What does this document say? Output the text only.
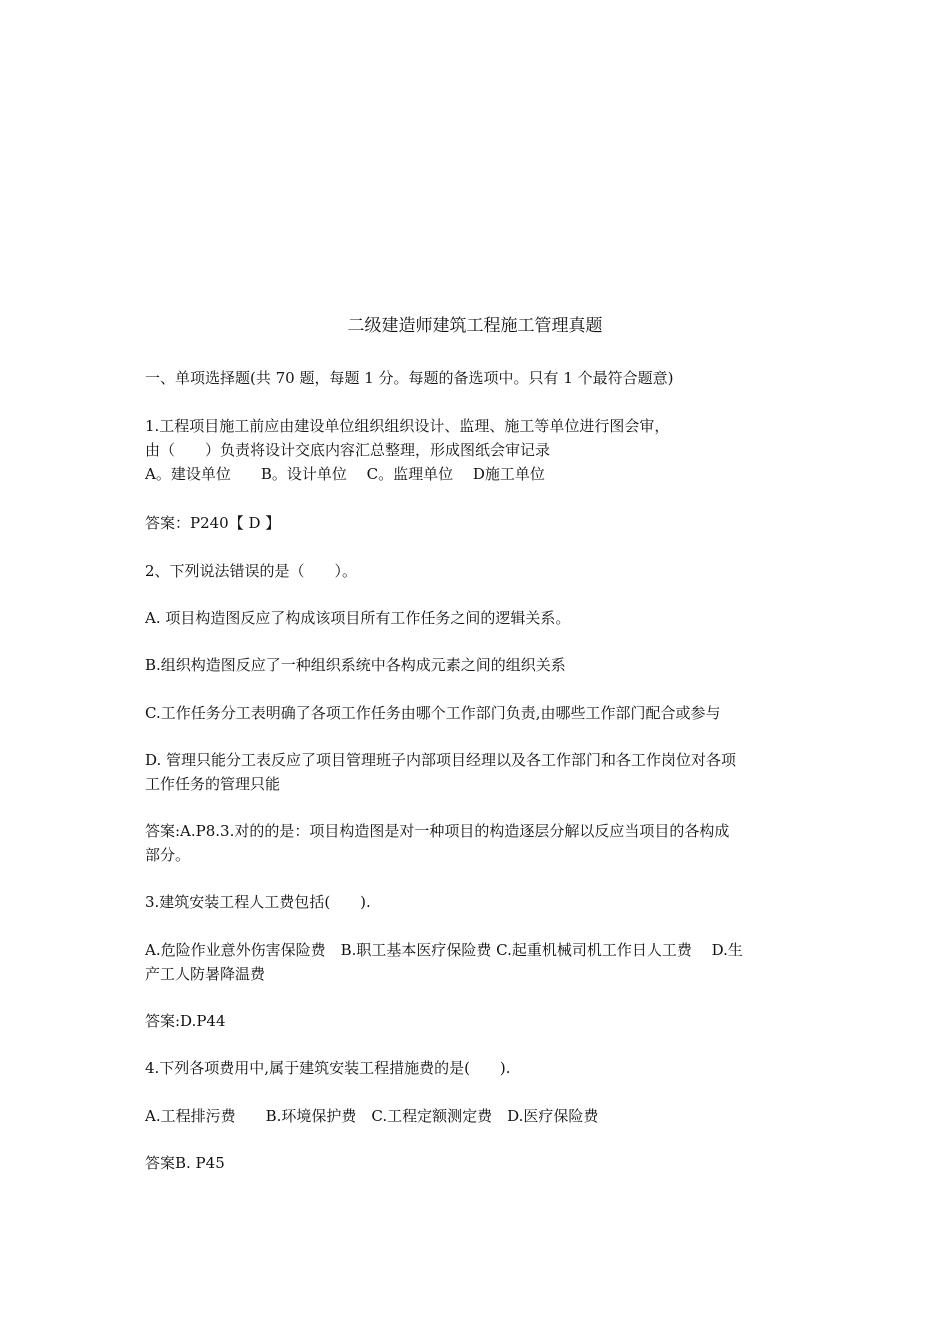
二级建造师建筑工程施工管理真题

一、单项选择题(共 70 题，每题 1 分。每题的备选项中。只有 1 个最符合题意)

1.工程项目施工前应由建设单位组织组织设计、监理、施工等单位进行图会审，
由（　　）负责将设计交底内容汇总整理，形成图纸会审记录
A。建设单位　　B。设计单位　 C。监理单位　 D施工单位

答案：P240【 D 】

2、下列说法错误的是（　　）。

A. 项目构造图反应了构成该项目所有工作任务之间的逻辑关系。

B.组织构造图反应了一种组织系统中各构成元素之间的组织关系

C.工作任务分工表明确了各项工作任务由哪个工作部门负责,由哪些工作部门配合或参与

D. 管理只能分工表反应了项目管理班子内部项目经理以及各工作部门和各工作岗位对各项
工作任务的管理只能

答案:A.P8.3.对的的是：项目构造图是对一种项目的构造逐层分解以反应当项目的各构成
部分。

3.建筑安装工程人工费包括(　　).

A.危险作业意外伤害保险费　B.职工基本医疗保险费 C.起重机械司机工作日人工费　 D.生
产工人防暑降温费

答案:D.P44

4.下列各项费用中,属于建筑安装工程措施费的是(　　).

A.工程排污费　　B.环境保护费　C.工程定额测定费　D.医疗保险费

答案B. P45
